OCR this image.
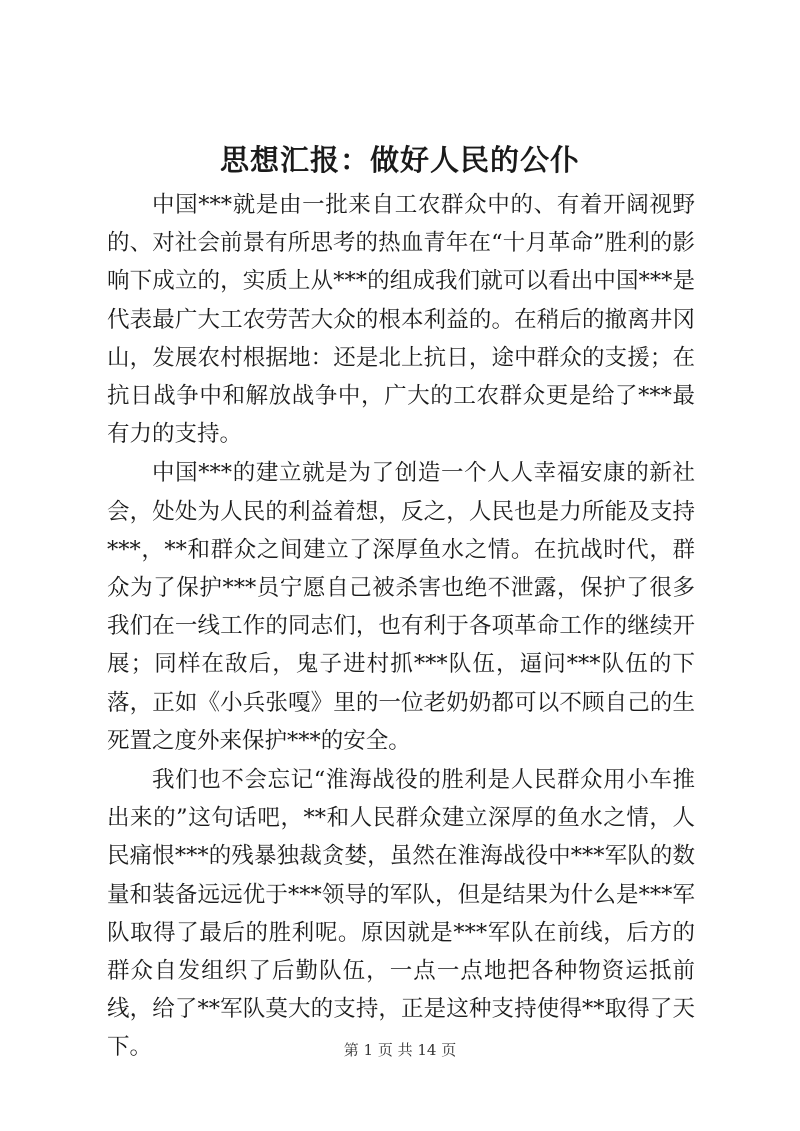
思想汇报：做好人民的公仆

中国***就是由一批来自工农群众中的、有着开阔视野的、对社会前景有所思考的热血青年在“十月革命”胜利的影响下成立的，实质上从***的组成我们就可以看出中国***是代表最广大工农劳苦大众的根本利益的。在稍后的撤离井冈山，发展农村根据地：还是北上抗日，途中群众的支援；在抗日战争中和解放战争中，广大的工农群众更是给了***最有力的支持。

中国***的建立就是为了创造一个人人幸福安康的新社会，处处为人民的利益着想，反之，人民也是力所能及支持***，**和群众之间建立了深厚鱼水之情。在抗战时代，群众为了保护***员宁愿自己被杀害也绝不泄露，保护了很多我们在一线工作的同志们，也有利于各项革命工作的继续开展；同样在敌后，鬼子进村抓***队伍，逼问***队伍的下落，正如《小兵张嘎》里的一位老奶奶都可以不顾自己的生死置之度外来保护***的安全。

我们也不会忘记“淮海战役的胜利是人民群众用小车推出来的”这句话吧，**和人民群众建立深厚的鱼水之情，人民痛恨***的残暴独裁贪婪，虽然在淮海战役中***军队的数量和装备远远优于***领导的军队，但是结果为什么是***军队取得了最后的胜利呢。原因就是***军队在前线，后方的群众自发组织了后勤队伍，一点一点地把各种物资运抵前线，给了**军队莫大的支持，正是这种支持使得**取得了天下。	第 1 页 共 14 页
